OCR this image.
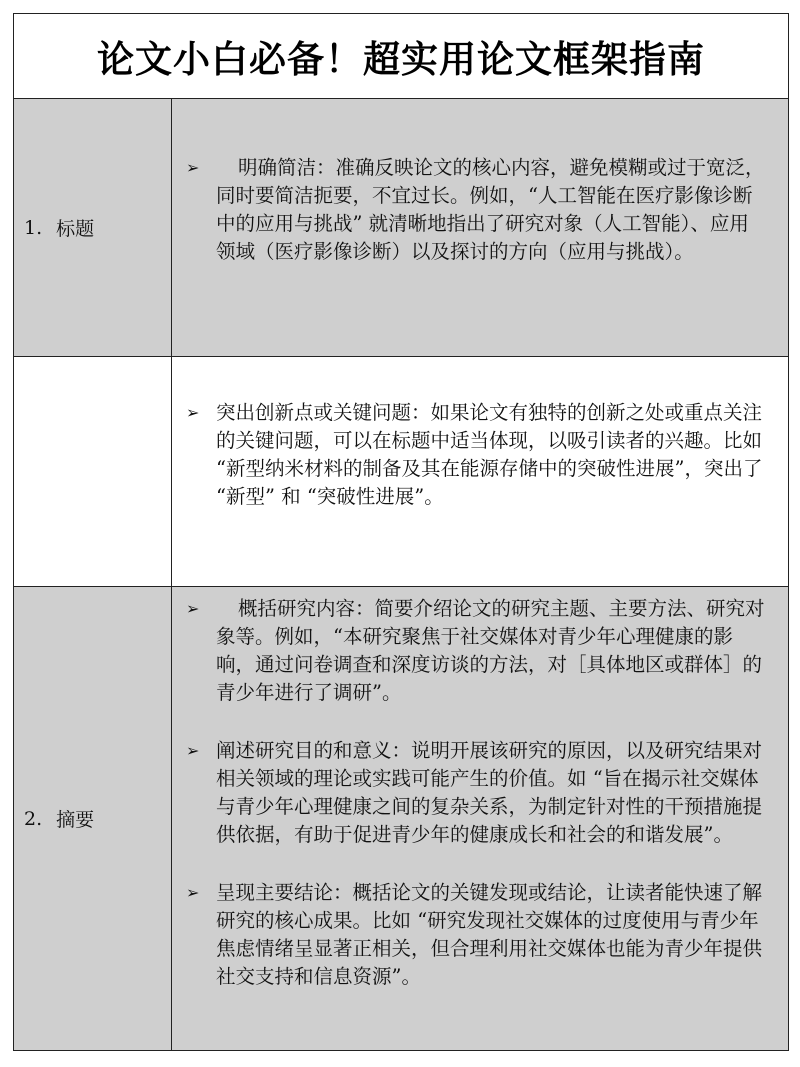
论文小白必备！超实用论文框架指南
1. 标题
➢	明确简洁：准确反映论文的核心内容，避免模糊或过于宽泛，同时要简洁扼要，不宜过长。例如，“人工智能在医疗影像诊断中的应用与挑战” 就清晰地指出了研究对象（人工智能）、应用领域（医疗影像诊断）以及探讨的方向（应用与挑战）。
➢ 突出创新点或关键问题：如果论文有独特的创新之处或重点关注的关键问题，可以在标题中适当体现，以吸引读者的兴趣。比如 “新型纳米材料的制备及其在能源存储中的突破性进展”，突出了 “新型” 和 “突破性进展”。
2. 摘要
➢	概括研究内容：简要介绍论文的研究主题、主要方法、研究对象等。例如，“本研究聚焦于社交媒体对青少年心理健康的影响，通过问卷调查和深度访谈的方法，对［具体地区或群体］的青少年进行了调研”。
➢ 阐述研究目的和意义：说明开展该研究的原因，以及研究结果对相关领域的理论或实践可能产生的价值。如 “旨在揭示社交媒体与青少年心理健康之间的复杂关系，为制定针对性的干预措施提供依据，有助于促进青少年的健康成长和社会的和谐发展”。
➢ 呈现主要结论：概括论文的关键发现或结论，让读者能快速了解研究的核心成果。比如 “研究发现社交媒体的过度使用与青少年焦虑情绪呈显著正相关，但合理利用社交媒体也能为青少年提供社交支持和信息资源”。
